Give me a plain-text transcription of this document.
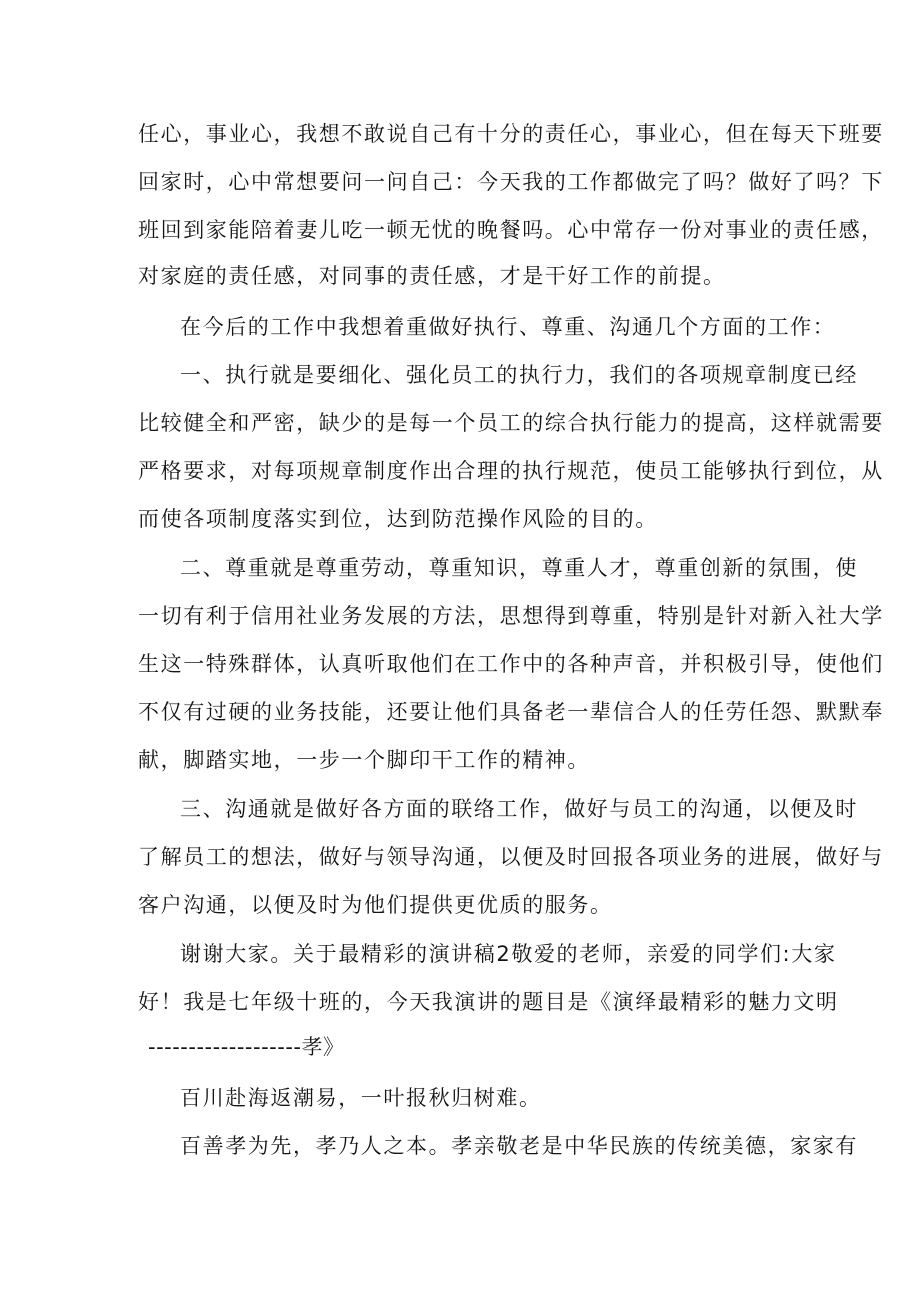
任心，事业心，我想不敢说自己有十分的责任心，事业心，但在每天下班要
回家时，心中常想要问一问自己：今天我的工作都做完了吗？做好了吗？下
班回到家能陪着妻儿吃一顿无忧的晚餐吗。心中常存一份对事业的责任感，
对家庭的责任感，对同事的责任感，才是干好工作的前提。
在今后的工作中我想着重做好执行、尊重、沟通几个方面的工作：
一、执行就是要细化、强化员工的执行力，我们的各项规章制度已经
比较健全和严密，缺少的是每一个员工的综合执行能力的提高，这样就需要
严格要求，对每项规章制度作出合理的执行规范，使员工能够执行到位，从
而使各项制度落实到位，达到防范操作风险的目的。
二、尊重就是尊重劳动，尊重知识，尊重人才，尊重创新的氛围，使
一切有利于信用社业务发展的方法，思想得到尊重，特别是针对新入社大学
生这一特殊群体，认真听取他们在工作中的各种声音，并积极引导，使他们
不仅有过硬的业务技能，还要让他们具备老一辈信合人的任劳任怨、默默奉
献，脚踏实地，一步一个脚印干工作的精神。
三、沟通就是做好各方面的联络工作，做好与员工的沟通，以便及时
了解员工的想法，做好与领导沟通，以便及时回报各项业务的进展，做好与
客户沟通，以便及时为他们提供更优质的服务。
谢谢大家。关于最精彩的演讲稿2敬爱的老师，亲爱的同学们:大家
好！我是七年级十班的，今天我演讲的题目是《演绎最精彩的魅力文明
-------------------孝》
百川赴海返潮易，一叶报秋归树难。
百善孝为先，孝乃人之本。孝亲敬老是中华民族的传统美德，家家有
